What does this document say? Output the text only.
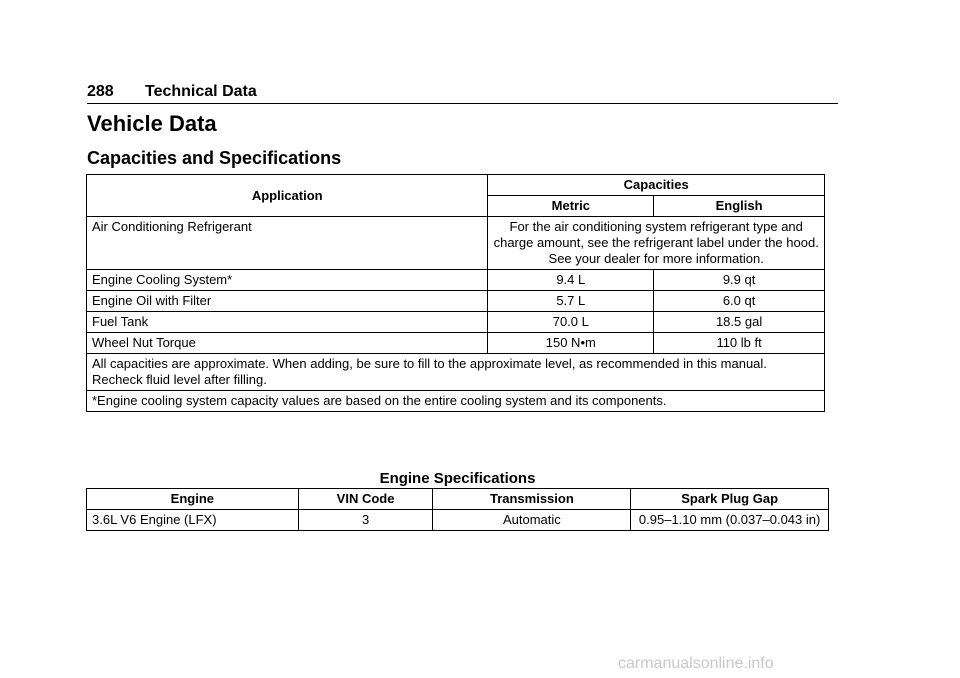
288 Technical Data
Vehicle Data
Capacities and Specifications
Application	Capacities	
	Metric	English
Air Conditioning Refrigerant	For the air conditioning system refrigerant type and charge amount, see the refrigerant label under the hood. See your dealer for more information.	
Engine Cooling System*	9.4 L	9.9 qt
Engine Oil with Filter	5.7 L	6.0 qt
Fuel Tank	70.0 L	18.5 gal
Wheel Nut Torque	150 N•m	110 lb ft
All capacities are approximate. When adding, be sure to fill to the approximate level, as recommended in this manual. Recheck fluid level after filling.		
*Engine cooling system capacity values are based on the entire cooling system and its components.		
Engine Specifications
Engine	VIN Code	Transmission	Spark Plug Gap
3.6L V6 Engine (LFX)	3	Automatic	0.95–1.10 mm (0.037–0.043 in)
carmanualsonline.info
